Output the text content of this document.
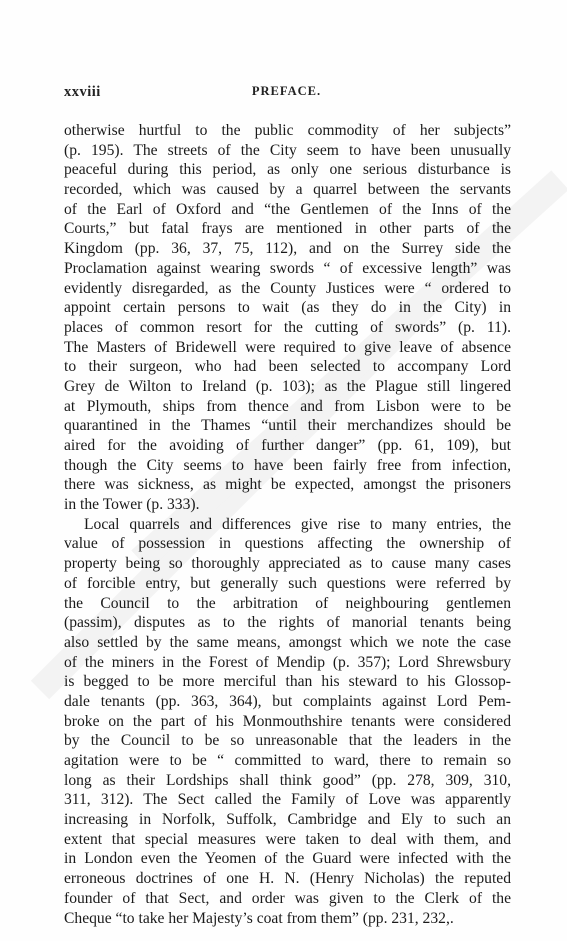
xxviii	PREFACE.
otherwise hurtful to the public commodity of her subjects”
(p. 195). The streets of the City seem to have been unusually
peaceful during this period, as only one serious disturbance is
recorded, which was caused by a quarrel between the servants
of the Earl of Oxford and “the Gentlemen of the Inns of the
Courts,” but fatal frays are mentioned in other parts of the
Kingdom (pp. 36, 37, 75, 112), and on the Surrey side the
Proclamation against wearing swords “ of excessive length” was
evidently disregarded, as the County Justices were “ ordered to
appoint certain persons to wait (as they do in the City) in
places of common resort for the cutting of swords” (p. 11).
The Masters of Bridewell were required to give leave of absence
to their surgeon, who had been selected to accompany Lord
Grey de Wilton to Ireland (p. 103); as the Plague still lingered
at Plymouth, ships from thence and from Lisbon were to be
quarantined in the Thames “until their merchandizes should be
aired for the avoiding of further danger” (pp. 61, 109), but
though the City seems to have been fairly free from infection,
there was sickness, as might be expected, amongst the prisoners
in the Tower (p. 333).
Local quarrels and differences give rise to many entries, the
value of possession in questions affecting the ownership of
property being so thoroughly appreciated as to cause many cases
of forcible entry, but generally such questions were referred by
the Council to the arbitration of neighbouring gentlemen
(passim), disputes as to the rights of manorial tenants being
also settled by the same means, amongst which we note the case
of the miners in the Forest of Mendip (p. 357); Lord Shrewsbury
is begged to be more merciful than his steward to his Glossop-
dale tenants (pp. 363, 364), but complaints against Lord Pem-
broke on the part of his Monmouthshire tenants were considered
by the Council to be so unreasonable that the leaders in the
agitation were to be “ committed to ward, there to remain so
long as their Lordships shall think good” (pp. 278, 309, 310,
311, 312). The Sect called the Family of Love was apparently
increasing in Norfolk, Suffolk, Cambridge and Ely to such an
extent that special measures were taken to deal with them, and
in London even the Yeomen of the Guard were infected with the
erroneous doctrines of one H. N. (Henry Nicholas) the reputed
founder of that Sect, and order was given to the Clerk of the
Cheque “to take her Majesty’s coat from them” (pp. 231, 232,.
